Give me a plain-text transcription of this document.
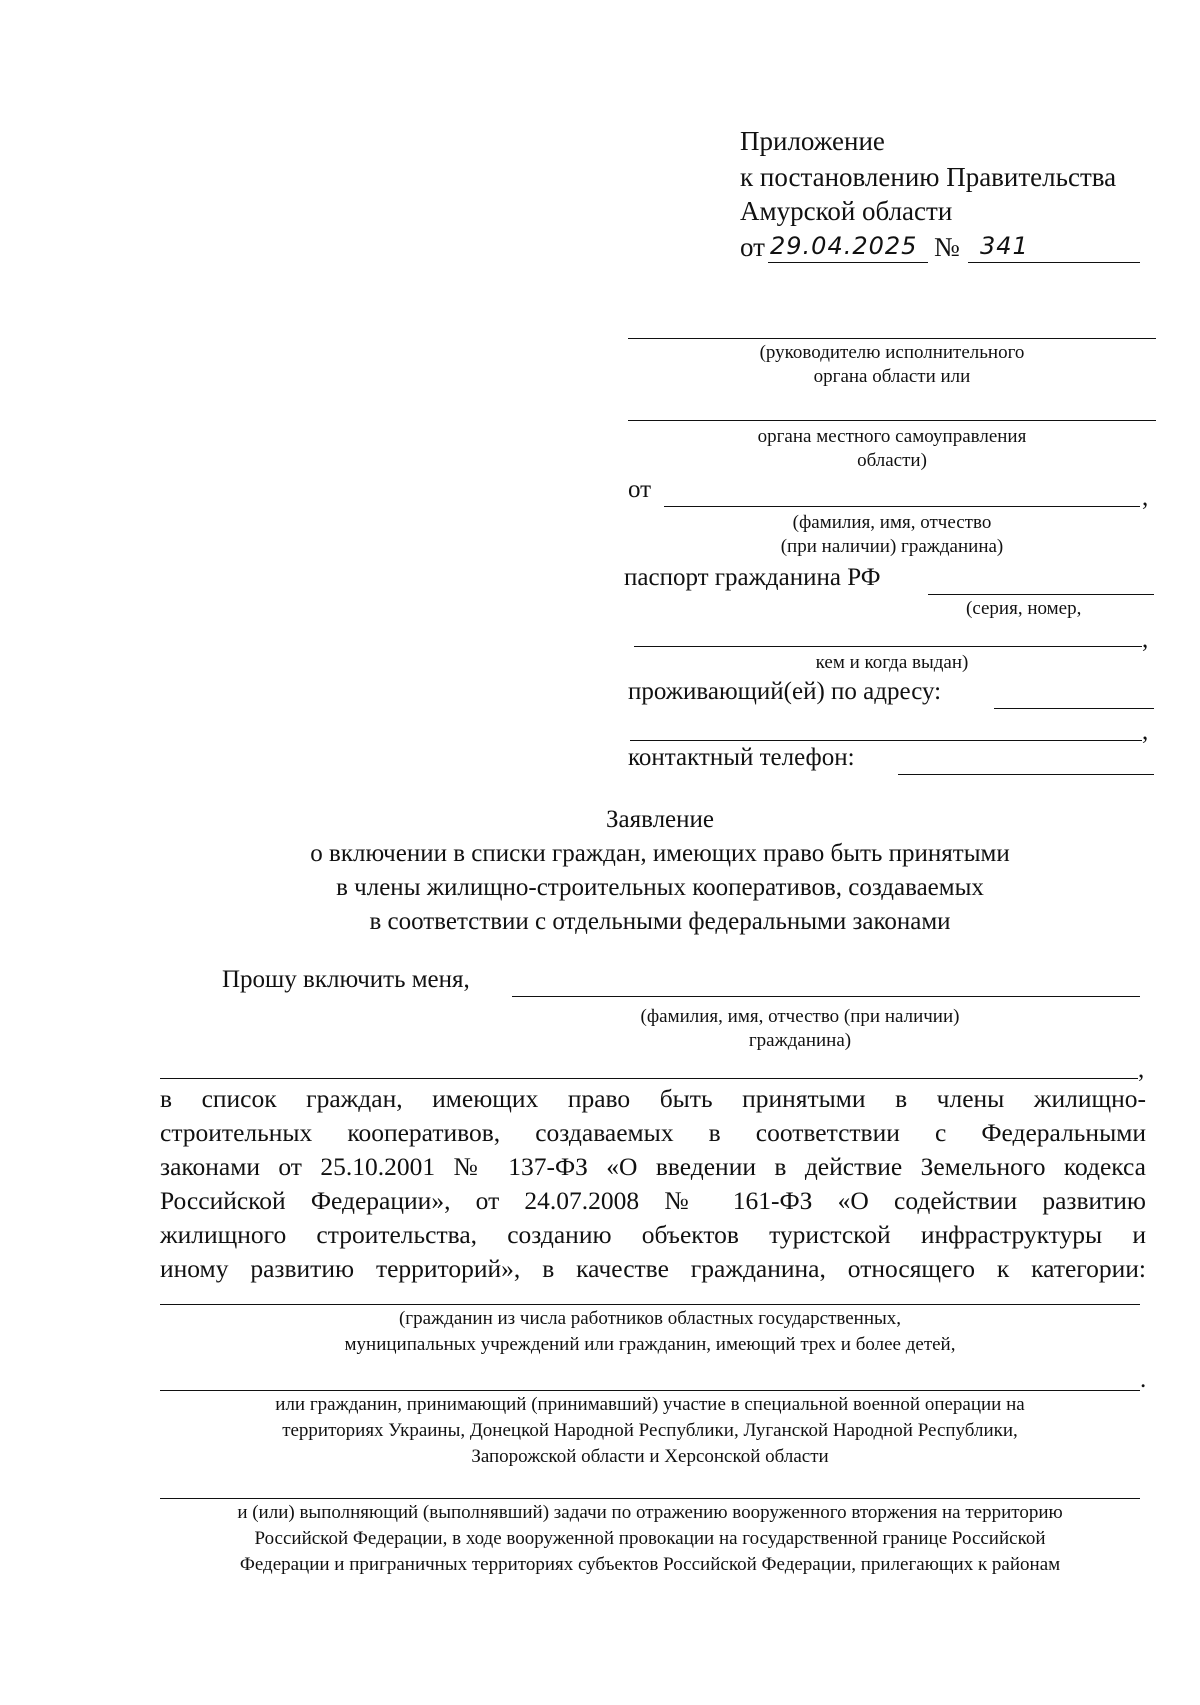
Приложение
к постановлению Правительства
Амурской области
от 29.04.2025 № 341
(руководителю исполнительного
органа области или
органа местного самоуправления
области)
от	,
(фамилия, имя, отчество
(при наличии) гражданина)
паспорт гражданина РФ
(серия, номер,
,
кем и когда выдан)
проживающий(ей) по адресу:
,
контактный телефон:
Заявление
о включении в списки граждан, имеющих право быть принятыми
в члены жилищно-строительных кооперативов, создаваемых
в соответствии с отдельными федеральными законами
Прошу включить меня,
(фамилия, имя, отчество (при наличии)
гражданина)
,
в список граждан, имеющих право быть принятыми в члены жилищно-
строительных кооперативов, создаваемых в соответствии с Федеральными
законами от 25.10.2001 № 137-ФЗ «О введении в действие Земельного кодекса
Российской Федерации», от 24.07.2008 № 161-ФЗ «О содействии развитию
жилищного строительства, созданию объектов туристской инфраструктуры и
иному развитию территорий», в качестве гражданина, относящего к категории:
(гражданин из числа работников областных государственных,
муниципальных учреждений или гражданин, имеющий трех и более детей,
.
или гражданин, принимающий (принимавший) участие в специальной военной операции на
территориях Украины, Донецкой Народной Республики, Луганской Народной Республики,
Запорожской области и Херсонской области
и (или) выполняющий (выполнявший) задачи по отражению вооруженного вторжения на территорию
Российской Федерации, в ходе вооруженной провокации на государственной границе Российской
Федерации и приграничных территориях субъектов Российской Федерации, прилегающих к районам
